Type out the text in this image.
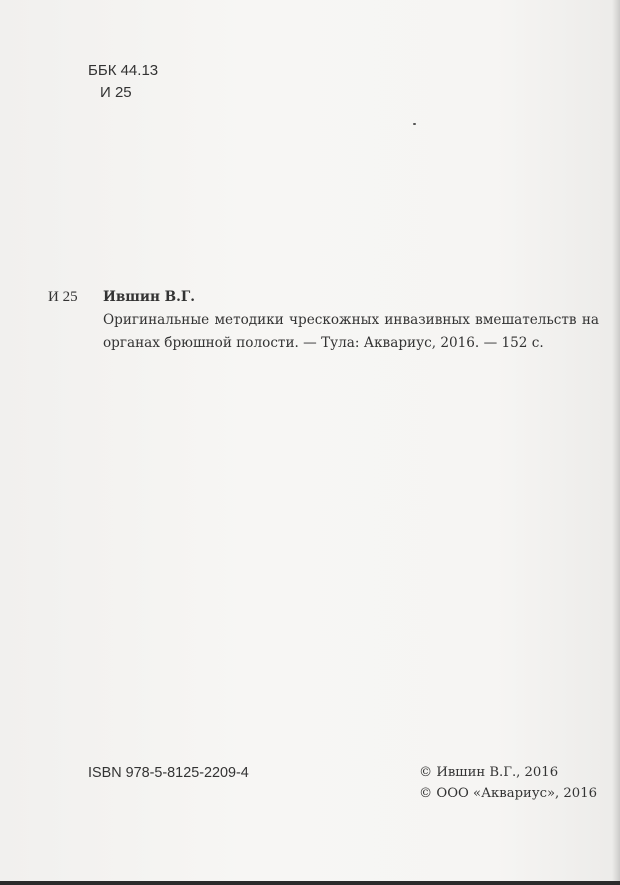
ББК 44.13
И 25
И 25 Ившин В.Г.
Оригинальные методики чрескожных инвазивных вмешательств на
органах брюшной полости. — Тула: Аквариус, 2016. — 152 с.
ISBN 978-5-8125-2209-4	© Ившин В.Г., 2016
© ООО «Аквариус», 2016
